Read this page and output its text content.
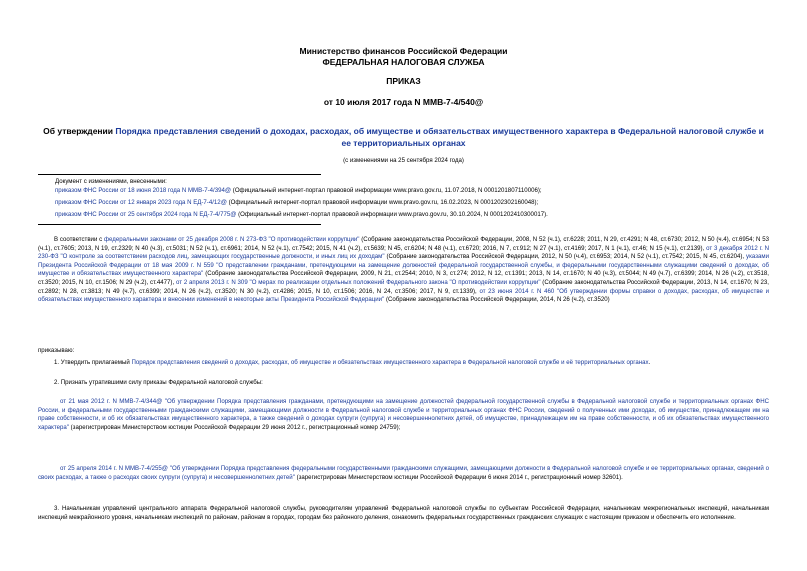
Министерство финансов Российской Федерации
ФЕДЕРАЛЬНАЯ НАЛОГОВАЯ СЛУЖБА
ПРИКАЗ
от 10 июля 2017 года N ММВ-7-4/540@
Об утверждении Порядка представления сведений о доходах, расходах, об имуществе и обязательствах имущественного характера в Федеральной налоговой службе и ее территориальных органах
(с изменениями на 25 сентября 2024 года)
Документ с изменениями, внесенными:
приказом ФНС России от 18 июня 2018 года N ММВ-7-4/394@ (Официальный интернет-портал правовой информации www.pravo.gov.ru, 11.07.2018, N 0001201807110006);
приказом ФНС России от 12 января 2023 года N ЕД-7-4/12@ (Официальный интернет-портал правовой информации www.pravo.gov.ru, 16.02.2023, N 0001202302160048);
приказом ФНС России от 25 сентября 2024 года N ЕД-7-4/775@ (Официальный интернет-портал правовой информации www.pravo.gov.ru, 30.10.2024, N 0001202410300017).
В соответствии с федеральными законами от 25 декабря 2008 г. N 273-ФЗ "О противодействии коррупции" (Собрание законодательства Российской Федерации, 2008, N 52 (ч.1), ст.6228; 2011, N 29, ст.4291; N 48, ст.6730; 2012, N 50 (ч.4), ст.6954; N 53 (ч.1), ст.7605; 2013, N 19, ст.2329; N 40 (ч.3), ст.5031; N 52 (ч.1), ст.6961; 2014, N 52 (ч.1), ст.7542; 2015, N 41 (ч.2), ст.5639; N 45, ст.6204; N 48 (ч.1), ст.6720; 2016, N 7, ст.912; N 27 (ч.1), ст.4169; 2017, N 1 (ч.1), ст.46; N 15 (ч.1), ст.2139), от 3 декабря 2012 г. N 230-ФЗ "О контроле за соответствием расходов лиц, замещающих государственные должности, и иных лиц их доходам" (Собрание законодательства Российской Федерации, 2012, N 50 (ч.4), ст.6953; 2014, N 52 (ч.1), ст.7542; 2015, N 45, ст.6204), указами Президента Российской Федерации от 18 мая 2009 г. N 559 "О представлении гражданами, претендующими на замещение должностей федеральной государственной службы, и федеральными государственными служащими сведений о доходах, об имуществе и обязательствах имущественного характера" (Собрание законодательства Российской Федерации, 2009, N 21, ст.2544; 2010, N 3, ст.274; 2012, N 12, ст.1391; 2013, N 14, ст.1670; N 40 (ч.3), ст.5044; N 49 (ч.7), ст.6399; 2014, N 26 (ч.2), ст.3518, ст.3520; 2015, N 10, ст.1506; N 29 (ч.2), ст.4477), от 2 апреля 2013 г. N 309 "О мерах по реализации отдельных положений Федерального закона "О противодействии коррупции" (Собрание законодательства Российской Федерации, 2013, N 14, ст.1670; N 23, ст.2892; N 28, ст.3813; N 49 (ч.7), ст.6399; 2014, N 26 (ч.2), ст.3520; N 30 (ч.2), ст.4286; 2015, N 10, ст.1506; 2016, N 24, ст.3506; 2017, N 9, ст.1339), от 23 июня 2014 г. N 460 "Об утверждении формы справки о доходах, расходах, об имуществе и обязательствах имущественного характера и внесении изменений в некоторые акты Президента Российской Федерации" (Собрание законодательства Российской Федерации, 2014, N 26 (ч.2), ст.3520)
приказываю:
1. Утвердить прилагаемый Порядок представления сведений о доходах, расходах, об имуществе и обязательствах имущественного характера в Федеральной налоговой службе и её территориальных органах.
2. Признать утратившими силу приказы Федеральной налоговой службы:
от 21 мая 2012 г. N ММВ-7-4/344@ "Об утверждении Порядка представления гражданами, претендующими на замещение должностей федеральной государственной службы в Федеральной налоговой службе и территориальных органах ФНС России, и федеральными государственными гражданскими служащими, замещающими должности в Федеральной налоговой службе и территориальных органах ФНС России, сведений о полученных ими доходах, об имуществе, принадлежащем им на праве собственности, и об их обязательствах имущественного характера, а также сведений о доходах супруги (супруга) и несовершеннолетних детей, об имуществе, принадлежащем им на праве собственности, и об их обязательствах имущественного характера" (зарегистрирован Министерством юстиции Российской Федерации 29 июня 2012 г., регистрационный номер 24759);
от 25 апреля 2014 г. N ММВ-7-4/255@ "Об утверждении Порядка представления федеральными государственными гражданскими служащими, замещающими должности в Федеральной налоговой службе и ее территориальных органах, сведений о своих расходах, а также о расходах своих супруги (супруга) и несовершеннолетних детей" (зарегистрирован Министерством юстиции Российской Федерации 6 июня 2014 г., регистрационный номер 32601).
3. Начальникам управлений центрального аппарата Федеральной налоговой службы, руководителям управлений Федеральной налоговой службы по субъектам Российской Федерации, начальникам межрегиональных инспекций, начальникам инспекций межрайонного уровня, начальникам инспекций по районам, районам в городах, городам без районного деления, ознакомить федеральных государственных гражданских служащих с настоящим приказом и обеспечить его исполнение.
